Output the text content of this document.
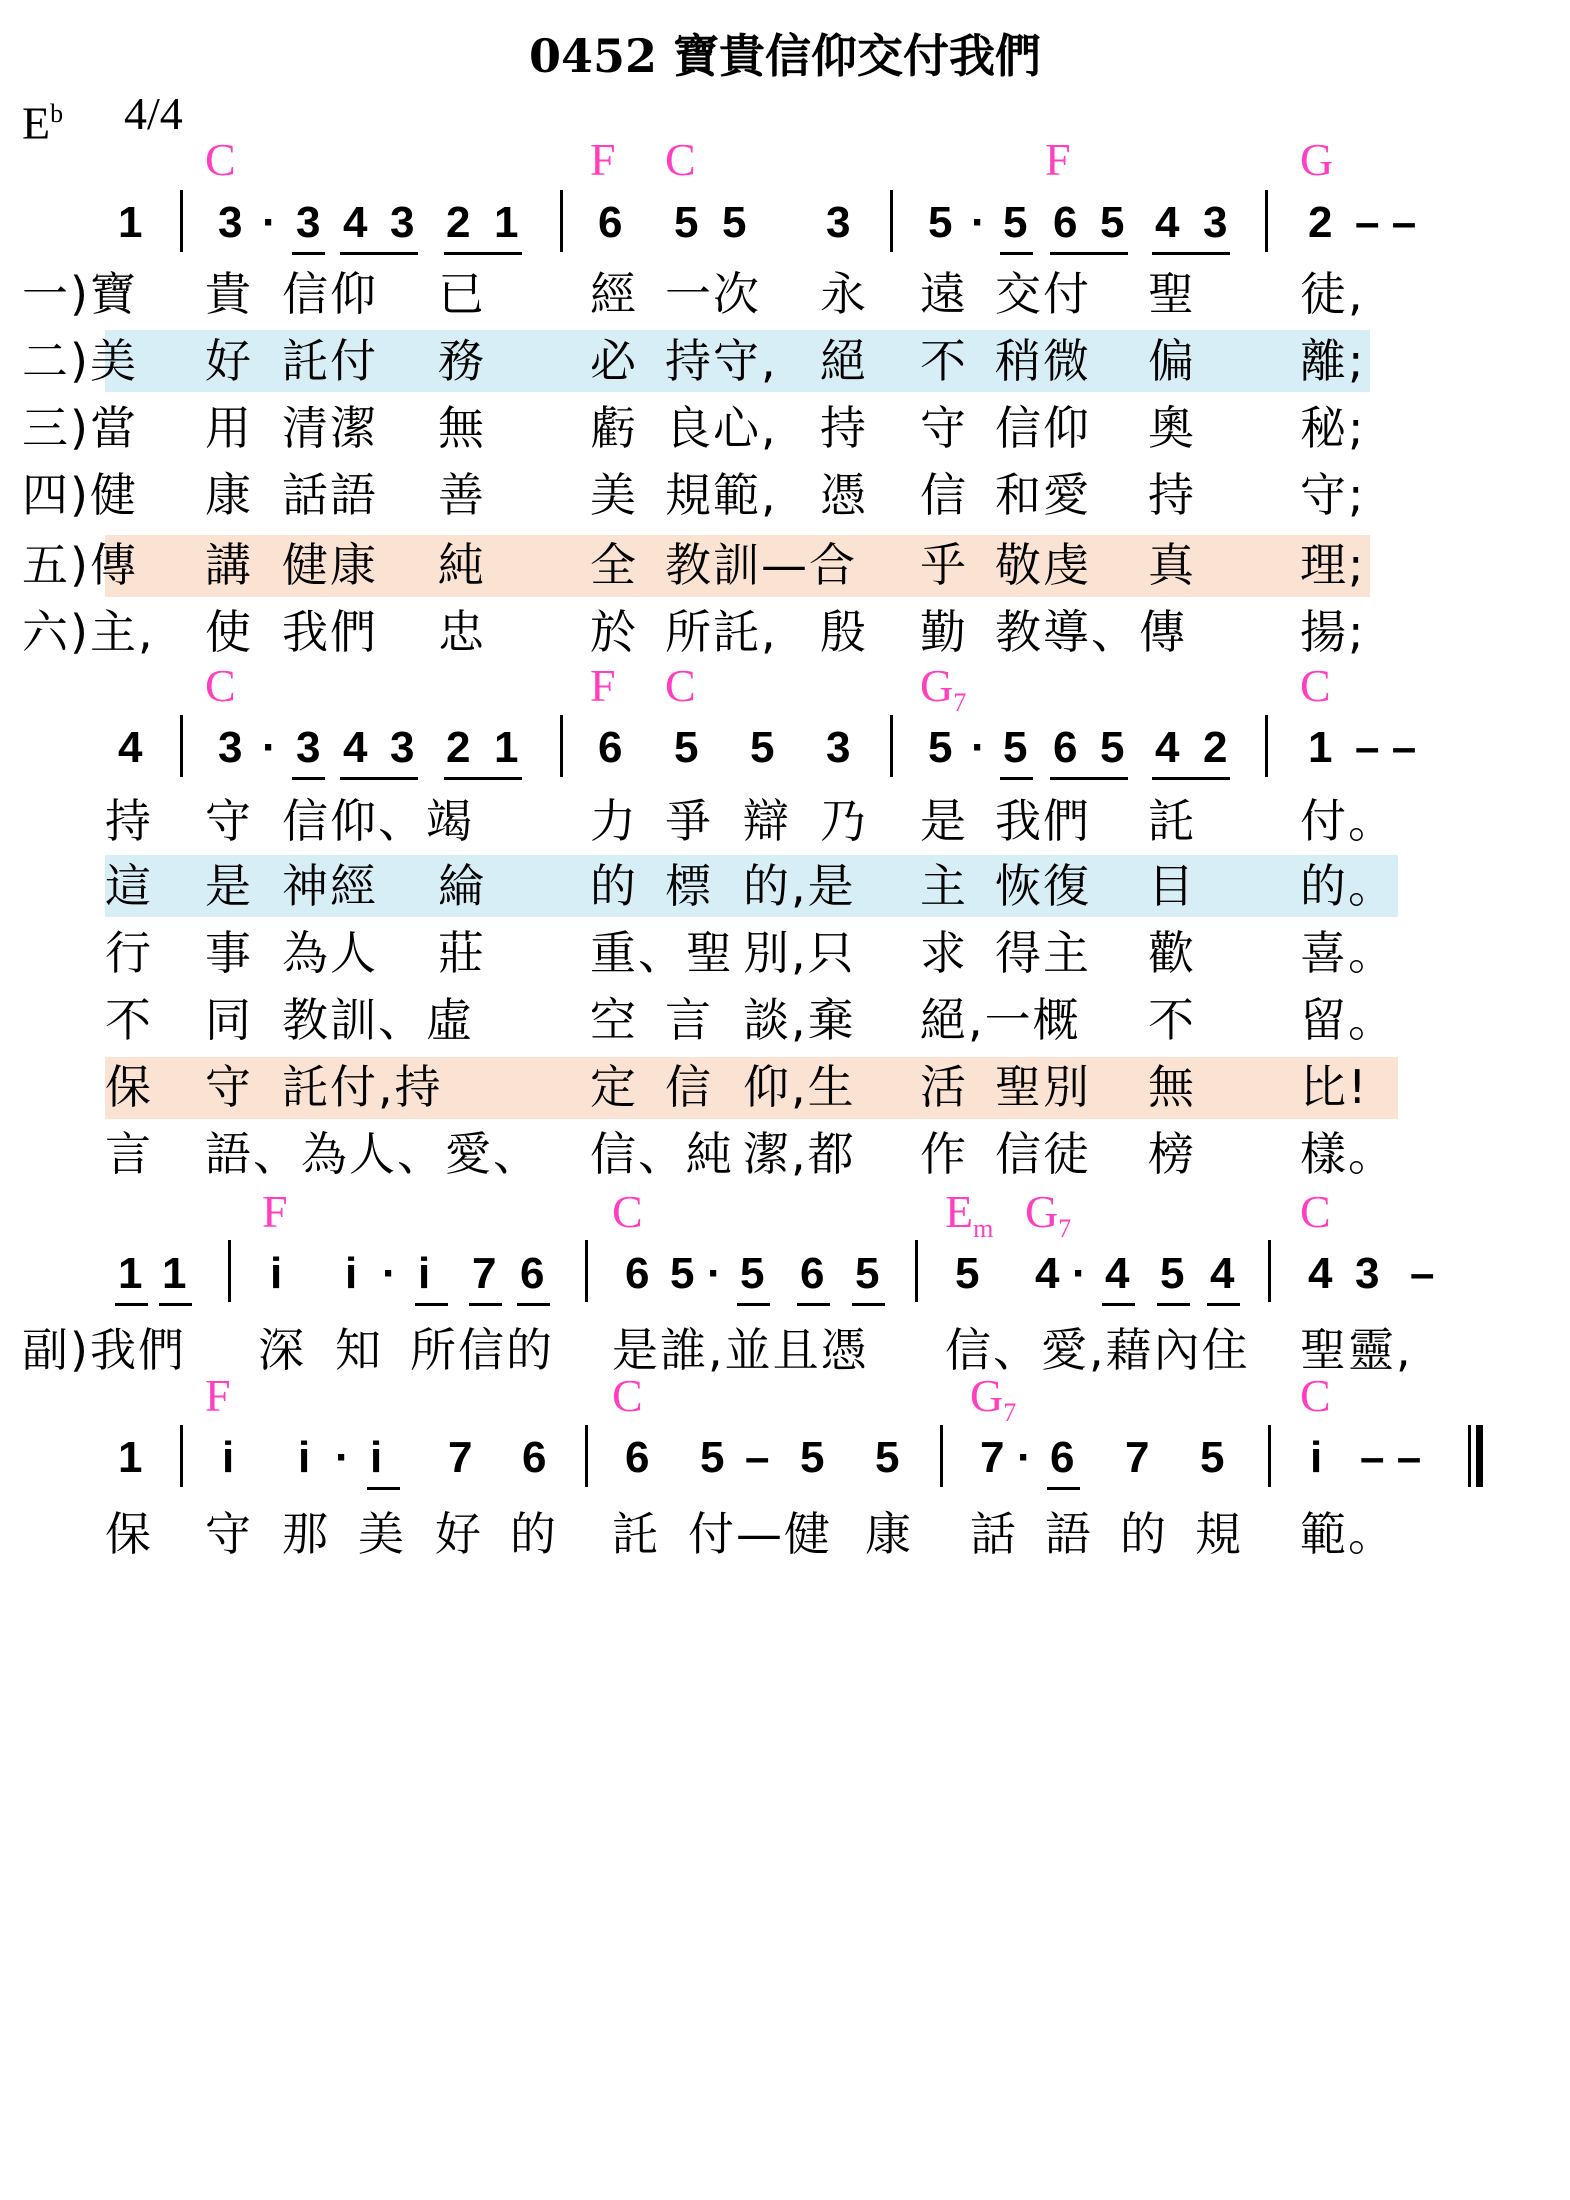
0452 寶貴信仰交付我們
$E^b$ 4/4
C	F C	F	G
1 3 · 3 4 3 2 1 6 5 5 3 5 · 5 6 5 4 3 2 – –
一)寶 貴 信仰 已 經 一次 永 遠 交付 聖 徒,
二)美 好 託付 務 必 持守, 絕 不 稍微 偏 離;
三)當 用 清潔 無 虧 良心, 持 守 信仰 奧 秘;
四)健 康 話語 善 美 規範, 憑 信 和愛 持 守;
五)傳 講 健康 純 全 教訓—合 乎 敬虔 真 理;
六)主, 使 我們 忠 於 所託, 殷 勤 教導、傳 揚;
C	F C	$G_7$	C
4 3 · 3 4 3 2 1 6 5 5 3 5 · 5 6 5 4 2 1 – –
持 守 信仰、竭	力 爭 辯 乃 是 我們 託 付。
這 是 神經 綸 的 標 的,是 主 恢復 目 的。
行 事 為人 莊 重、聖 別,只 求 得主 歡 喜。
不 同 教訓、虛	空 言 談,棄 絕,一概 不 留。
保 守 託付,持	定 信 仰,生 活 聖別 無 比!
言 語、為人、愛、 信、純 潔,都 作 信徒 榜 樣。
F	C	$E_m$ $G_7$	C
1 1 i i · i 7 6 6 5 · 5 6 5 5 4 · 4 5 4 4 3 –
副)我們 深 知 所信的 是誰,並且憑 信、愛,藉內住 聖靈,
F	C	$G_7$	C
1 i i · i 7 6 6 5 – 5 5 7 · 6 7 5 i – –
保 守 那 美 好 的 託 付—健 康 話 語 的 規 範。
